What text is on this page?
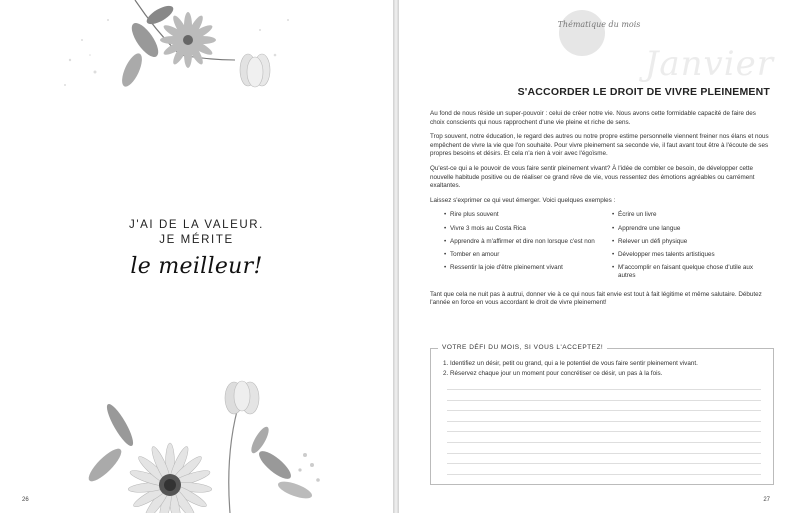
J'AI DE LA VALEUR.
JE MÉRITE
le meilleur!
26
Thématique du mois
Janvier
S'ACCORDER LE DROIT DE VIVRE PLEINEMENT

Au fond de nous réside un super-pouvoir : celui de créer notre vie. Nous avons cette formidable capacité de faire des choix conscients qui nous rapprochent d'une vie pleine et riche de sens.

Trop souvent, notre éducation, le regard des autres ou notre propre estime personnelle viennent freiner nos élans et nous empêchent de vivre la vie que l'on souhaite. Pour vivre pleinement sa seconde vie, il faut avant tout être à l'écoute de ses propres besoins et désirs. Et cela n'a rien à voir avec l'égoïsme.

Qu'est-ce qui a le pouvoir de vous faire sentir pleinement vivant? À l'idée de combler ce besoin, de développer cette nouvelle habitude positive ou de réaliser ce grand rêve de vie, vous ressentez des émotions agréables ou carrément exaltantes.

Laissez s'exprimer ce qui veut émerger. Voici quelques exemples :

• Rire plus souvent
• Vivre 3 mois au Costa Rica
• Apprendre à m'affirmer et dire non lorsque c'est non
• Tomber en amour
• Ressentir la joie d'être pleinement vivant
• Écrire un livre
• Apprendre une langue
• Relever un défi physique
• Développer mes talents artistiques
• M'accomplir en faisant quelque chose d'utile aux autres

Tant que cela ne nuit pas à autrui, donner vie à ce qui nous fait envie est tout à fait légitime et même salutaire. Débutez l'année en force en vous accordant le droit de vivre pleinement!

VOTRE DÉFI DU MOIS, SI VOUS L'ACCEPTEZ!
1. Identifiez un désir, petit ou grand, qui a le potentiel de vous faire sentir pleinement vivant.
2. Réservez chaque jour un moment pour concrétiser ce désir, un pas à la fois.
27
